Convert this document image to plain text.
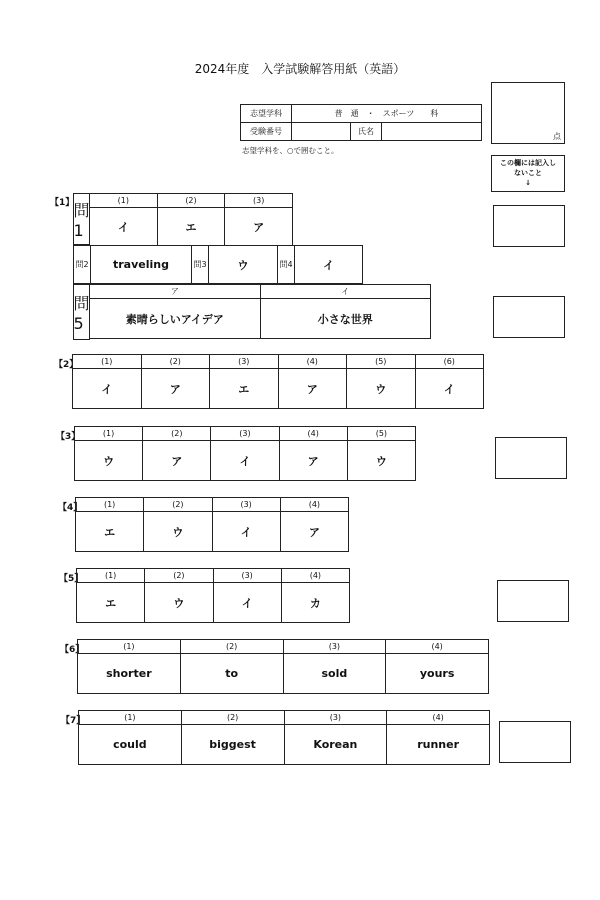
2024年度　入学試験解答用紙（英語）
志望学科	普　通　・　スポーツ　　科		
受験番号		氏名	
志望学科を、○で囲むこと。
点
この欄には記入しないこと
↓
【1】 問1
(1)	(2)	(3)
イ	エ	ア
問2	traveling	問3	ウ	問4	イ
問5
ア	イ
素晴らしいアイデア	小さな世界
【2】	(1)	(2)	(3)	(4)	(5)	(6)
イ	ア	エ	ア	ウ	イ
【3】	(1)	(2)	(3)	(4)	(5)
ウ	ア	イ	ア	ウ
【4】	(1)	(2)	(3)	(4)
エ	ウ	イ	ア
【5】	(1)	(2)	(3)	(4)
エ	ウ	イ	カ
【6】	(1)	(2)	(3)	(4)
shorter	to	sold	yours
【7】	(1)	(2)	(3)	(4)
could	biggest	Korean	runner
